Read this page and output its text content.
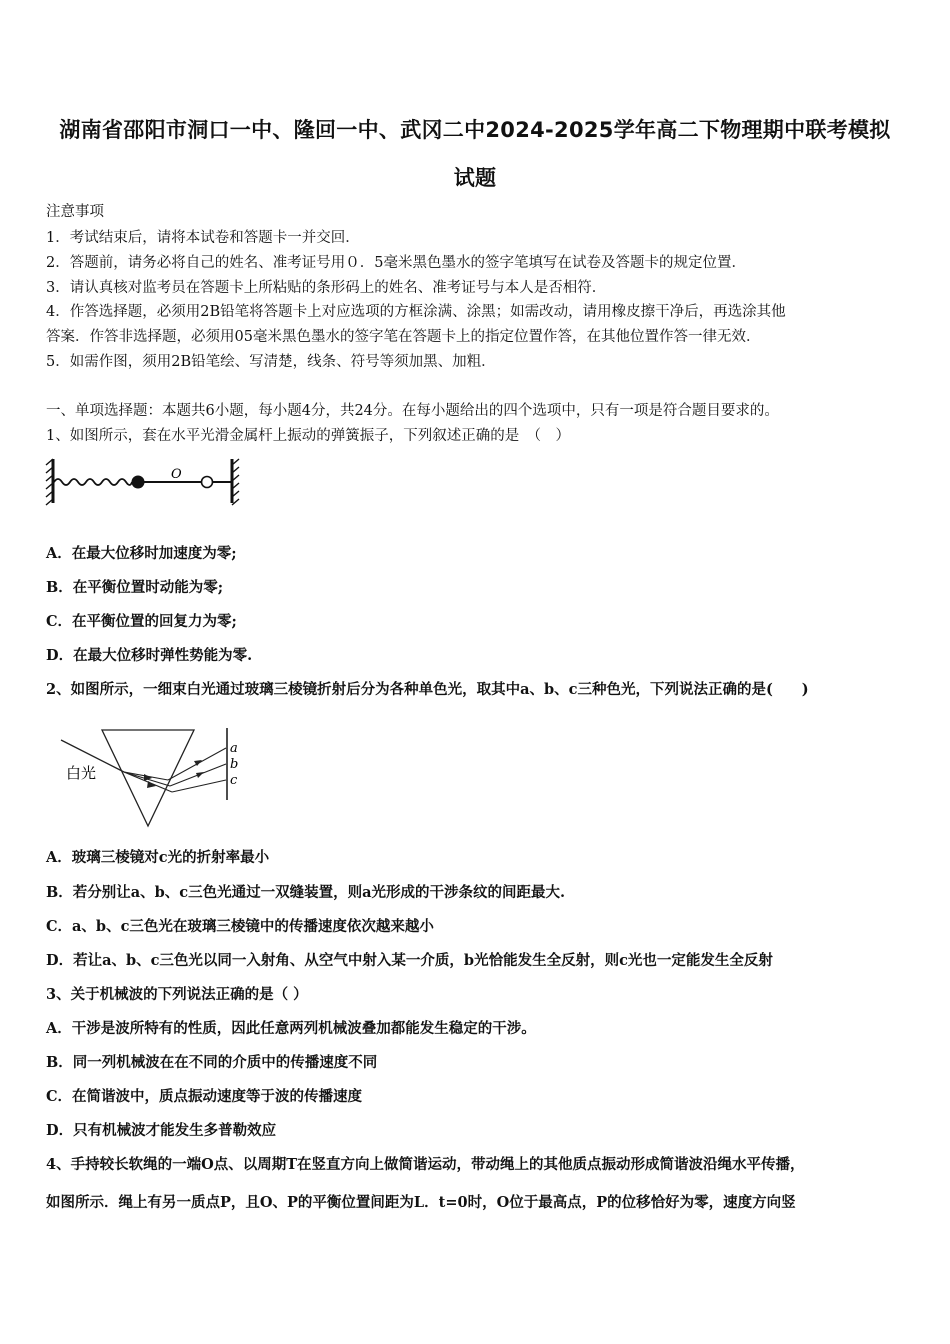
湖南省邵阳市洞口一中、隆回一中、武冈二中2024-2025学年高二下物理期中联考模拟
试题
注意事项
1．考试结束后，请将本试卷和答题卡一并交回．
2．答题前，请务必将自己的姓名、准考证号用０．5毫米黑色墨水的签字笔填写在试卷及答题卡的规定位置．
3．请认真核对监考员在答题卡上所粘贴的条形码上的姓名、准考证号与本人是否相符．
4．作答选择题，必须用2B铅笔将答题卡上对应选项的方框涂满、涂黑；如需改动，请用橡皮擦干净后，再选涂其他
答案．作答非选择题，必须用05毫米黑色墨水的签字笔在答题卡上的指定位置作答，在其他位置作答一律无效．
5．如需作图，须用2B铅笔绘、写清楚，线条、符号等须加黑、加粗．
一、单项选择题：本题共6小题，每小题4分，共24分。在每小题给出的四个选项中，只有一项是符合题目要求的。
1、如图所示，套在水平光滑金属杆上振动的弹簧振子，下列叙述正确的是　（　）
O
A．在最大位移时加速度为零;
B．在平衡位置时动能为零;
C．在平衡位置的回复力为零;
D．在最大位移时弹性势能为零.
2、如图所示，一细束白光通过玻璃三棱镜折射后分为各种单色光，取其中a、b、c三种色光，下列说法正确的是(　　)
白光
a
b
c
A．玻璃三棱镜对c光的折射率最小
B．若分别让a、b、c三色光通过一双缝装置，则a光形成的干涉条纹的间距最大.
C．a、b、c三色光在玻璃三棱镜中的传播速度依次越来越小
D．若让a、b、c三色光以同一入射角、从空气中射入某一介质，b光恰能发生全反射，则c光也一定能发生全反射
3、关于机械波的下列说法正确的是（ ）
A．干涉是波所特有的性质，因此任意两列机械波叠加都能发生稳定的干涉。
B．同一列机械波在在不同的介质中的传播速度不同
C．在简谐波中，质点振动速度等于波的传播速度
D．只有机械波才能发生多普勒效应
4、手持较长软绳的一端O点、以周期T在竖直方向上做简谐运动，带动绳上的其他质点振动形成简谐波沿绳水平传播，
如图所示．绳上有另一质点P，且O、P的平衡位置间距为L．t=0时，O位于最高点，P的位移恰好为零，速度方向竖
